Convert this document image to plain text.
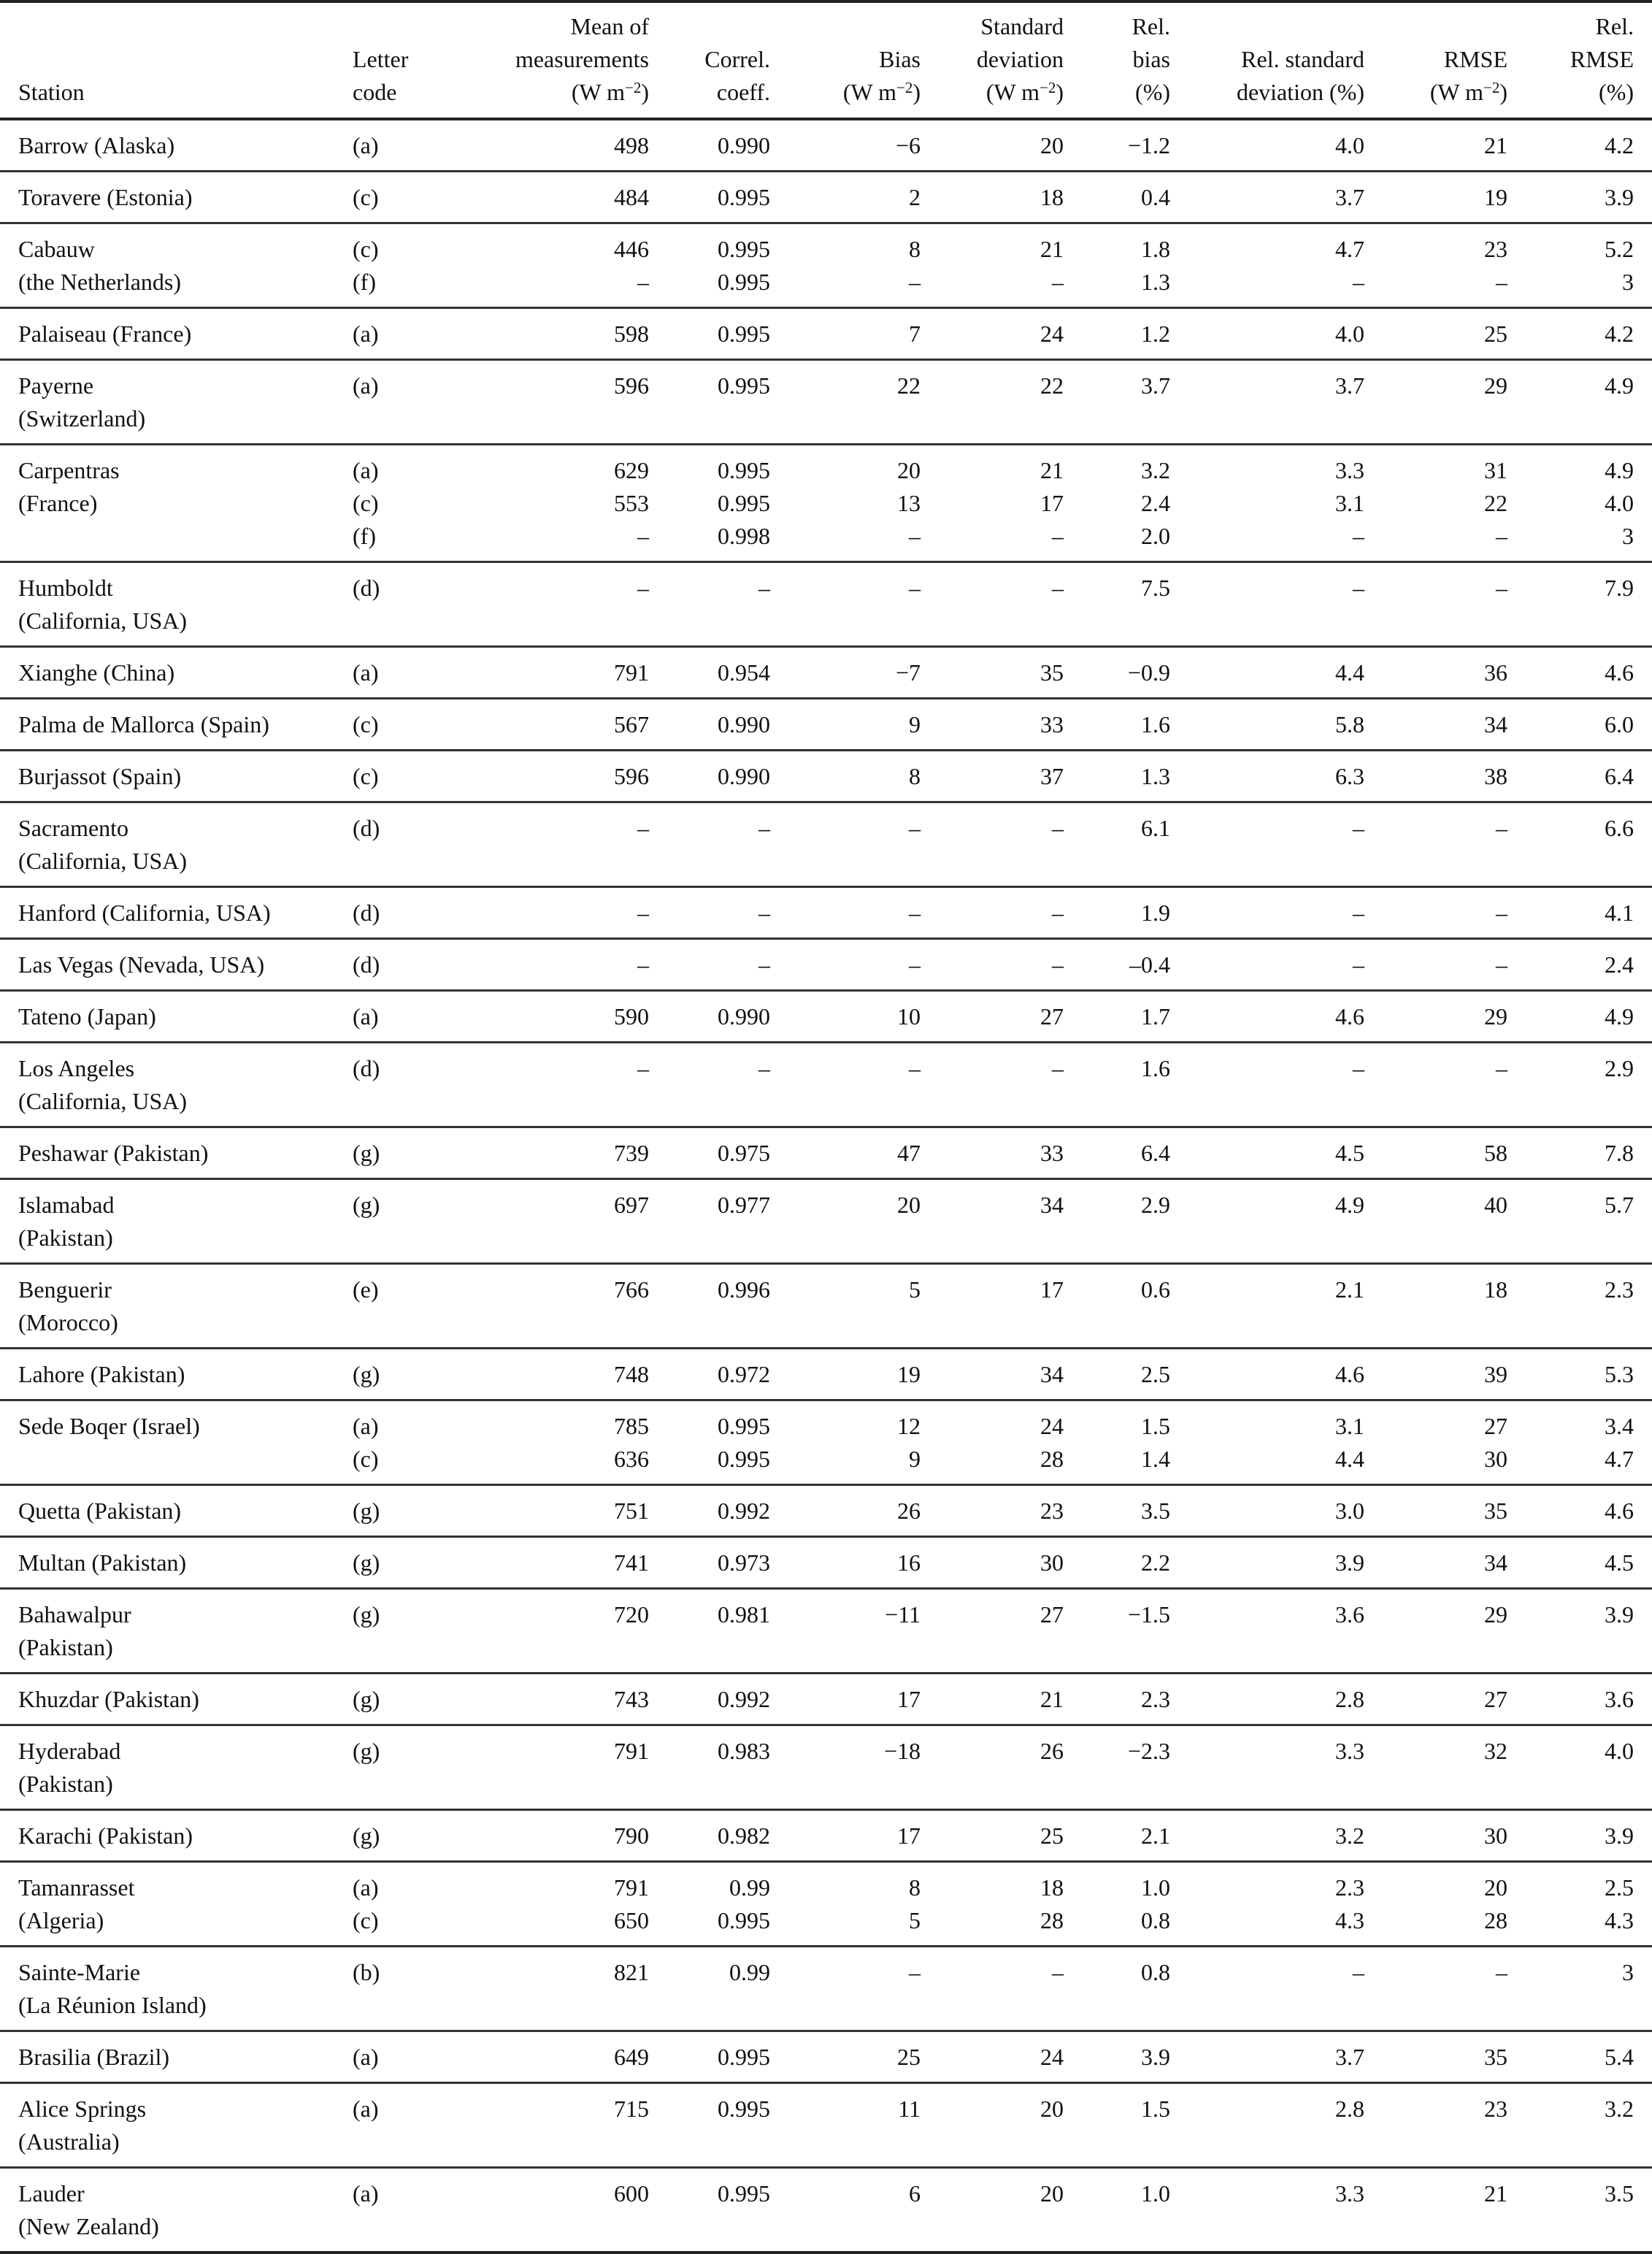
Station

Letter
code

Mean of
measurements
(W $m^{-2}$)

Correl.
coeff.

Bias
(W $m^{-2}$)

Standard
deviation
(W $m^{-2}$)

Rel.
bias
(%)

Rel. standard
deviation (%)

RMSE
(W $m^{-2}$)

Rel.
RMSE
(%)

Barrow (Alaska)	(a)	498	0.990	−6	20	−1.2	4.0	21	4.2

Toravere (Estonia)	(c)	484	0.995	2	18	0.4	3.7	19	3.9

Cabauw
(the Netherlands)

(c)
(f)

446
–

0.995
0.995

8
–

21
–

1.8
1.3

4.7
–

23
–

5.2
3

Palaiseau (France)	(a)	598	0.995	7	24	1.2	4.0	25	4.2

Payerne
(Switzerland)

(a)	596	0.995	22	22	3.7	3.7	29	4.9

Carpentras
(France)

(a)
(c)
(f)

629
553
–

0.995
0.995
0.998

20
13
–

21
17
–

3.2
2.4
2.0

3.3
3.1
–

31
22
–

4.9
4.0
3

Humboldt
(California, USA)

(d)	–	–	–	–	7.5	–	–	7.9

Xianghe (China)	(a)	791	0.954	−7	35	−0.9	4.4	36	4.6

Palma de Mallorca (Spain)	(c)	567	0.990	9	33	1.6	5.8	34	6.0

Burjassot (Spain)	(c)	596	0.990	8	37	1.3	6.3	38	6.4

Sacramento
(California, USA)

(d)	–	–	–	–	6.1	–	–	6.6

Hanford (California, USA)	(d)	–	–	–	–	1.9	–	–	4.1

Las Vegas (Nevada, USA)	(d)	–	–	–	–	–0.4	–	–	2.4

Tateno (Japan)	(a)	590	0.990	10	27	1.7	4.6	29	4.9

Los Angeles
(California, USA)

(d)	–	–	–	–	1.6	–	–	2.9

Peshawar (Pakistan)	(g)	739	0.975	47	33	6.4	4.5	58	7.8

Islamabad
(Pakistan)

(g)	697	0.977	20	34	2.9	4.9	40	5.7

Benguerir
(Morocco)

(e)	766	0.996	5	17	0.6	2.1	18	2.3

Lahore (Pakistan)	(g)	748	0.972	19	34	2.5	4.6	39	5.3

Sede Boqer (Israel)	(a)
(c)

785
636

0.995
0.995

12
9

24
28

1.5
1.4

3.1
4.4

27
30

3.4
4.7

Quetta (Pakistan)	(g)	751	0.992	26	23	3.5	3.0	35	4.6

Multan (Pakistan)	(g)	741	0.973	16	30	2.2	3.9	34	4.5

Bahawalpur
(Pakistan)

(g)	720	0.981	−11	27	−1.5	3.6	29	3.9

Khuzdar (Pakistan)	(g)	743	0.992	17	21	2.3	2.8	27	3.6

Hyderabad
(Pakistan)

(g)	791	0.983	−18	26	−2.3	3.3	32	4.0

Karachi (Pakistan)	(g)	790	0.982	17	25	2.1	3.2	30	3.9

Tamanrasset
(Algeria)

(a)
(c)

791
650

0.99
0.995

8
5

18
28

1.0
0.8

2.3
4.3

20
28

2.5
4.3

Sainte-Marie
(La Réunion Island)

(b)	821	0.99	–	–	0.8	–	–	3

Brasilia (Brazil)	(a)	649	0.995	25	24	3.9	3.7	35	5.4

Alice Springs
(Australia)

(a)	715	0.995	11	20	1.5	2.8	23	3.2

Lauder
(New Zealand)

(a)	600	0.995	6	20	1.0	3.3	21	3.5
